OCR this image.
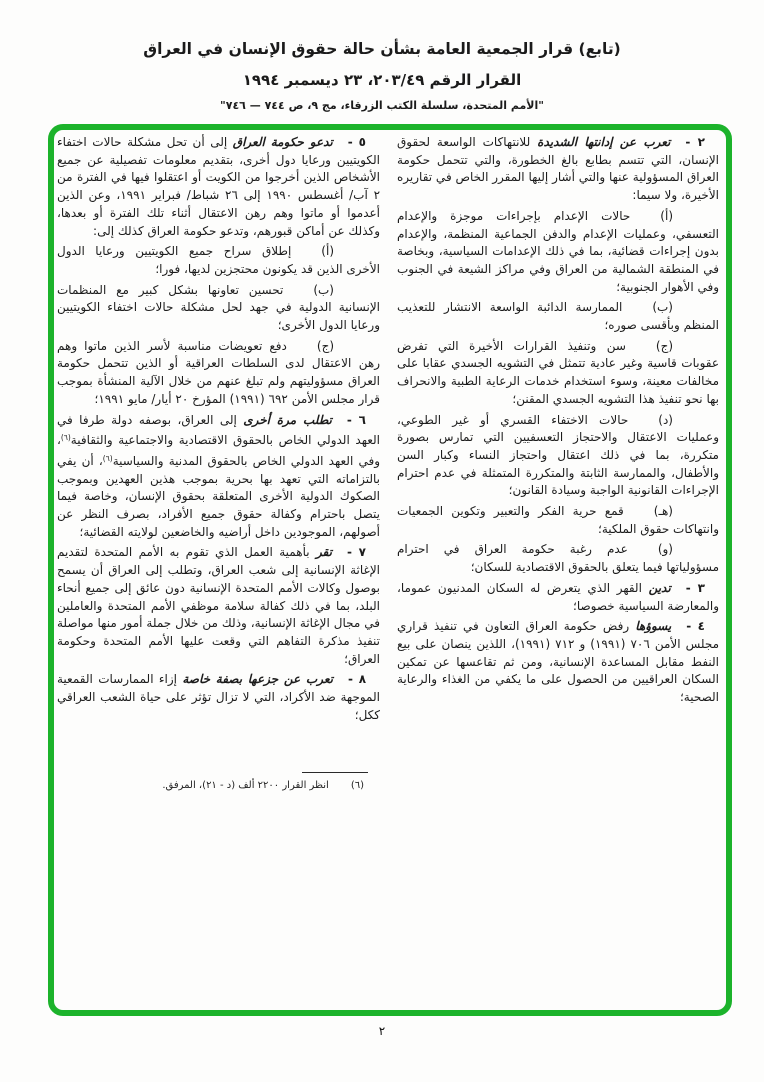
(تابع) قرار الجمعية العامة بشأن حالة حقوق الإنسان في العراق
القرار الرقم ٢٠٣/٤٩، ٢٣ ديسمبر ١٩٩٤
"الأمم المتحدة، سلسلة الكتب الزرقاء، مج ٩، ص ٧٤٤ — ٧٤٦"

٢ -تعرب عن إدانتها الشديدة للانتهاكات الواسعة لحقوق الإنسان، التي تتسم بطابع بالغ الخطورة، والتي تتحمل حكومة العراق المسؤولية عنها والتي أشار إليها المقرر الخاص في تقاريره الأخيرة، ولا سيما:

(أ)حالات الإعدام بإجراءات موجزة والإعدام التعسفي، وعمليات الإعدام والدفن الجماعية المنظمة، والإعدام بدون إجراءات قضائية، بما في ذلك الإعدامات السياسية، وبخاصة في المنطقة الشمالية من العراق وفي مراكز الشيعة في الجنوب وفي الأهوار الجنوبية؛

(ب)الممارسة الدائبة الواسعة الانتشار للتعذيب المنظم وبأقسى صوره؛

(ج)سن وتنفيذ القرارات الأخيرة التي تفرض عقوبات قاسية وغير عادية تتمثل في التشويه الجسدي عقابا على مخالفات معينة، وسوء استخدام خدمات الرعاية الطبية والانحراف بها نحو تنفيذ هذا التشويه الجسدي المقنن؛

(د)حالات الاختفاء القسري أو غير الطوعي، وعمليات الاعتقال والاحتجاز التعسفيين التي تمارس بصورة متكررة، بما في ذلك اعتقال واحتجاز النساء وكبار السن والأطفال، والممارسة الثابتة والمتكررة المتمثلة في عدم احترام الإجراءات القانونية الواجبة وسيادة القانون؛

(هـ)قمع حرية الفكر والتعبير وتكوين الجمعيات وانتهاكات حقوق الملكية؛

(و)عدم رغبة حكومة العراق في احترام مسؤولياتها فيما يتعلق بالحقوق الاقتصادية للسكان؛

٣ -تدين القهر الذي يتعرض له السكان المدنيون عموما، والمعارضة السياسية خصوصا؛

٤ -يسوؤها رفض حكومة العراق التعاون في تنفيذ قراري مجلس الأمن ٧٠٦ (١٩٩١) و ٧١٢ (١٩٩١)، اللذين ينصان على بيع النفط مقابل المساعدة الإنسانية، ومن ثم تقاعسها عن تمكين السكان العراقيين من الحصول على ما يكفي من الغذاء والرعاية الصحية؛

٥ -تدعو حكومة العراق إلى أن تحل مشكلة حالات اختفاء الكويتيين ورعايا دول أخرى، بتقديم معلومات تفصيلية عن جميع الأشخاص الذين أخرجوا من الكويت أو اعتقلوا فيها في الفترة من ٢ آب/ أغسطس ١٩٩٠ إلى ٢٦ شباط/ فبراير ١٩٩١، وعن الذين أعدموا أو ماتوا وهم رهن الاعتقال أثناء تلك الفترة أو بعدها، وكذلك عن أماكن قبورهم، وتدعو حكومة العراق كذلك إلى:

(أ)إطلاق سراح جميع الكويتيين ورعايا الدول الأخرى الذين قد يكونون محتجزين لديها، فورا؛

(ب)تحسين تعاونها بشكل كبير مع المنظمات الإنسانية الدولية في جهد لحل مشكلة حالات اختفاء الكويتيين ورعايا الدول الأخرى؛

(ج)دفع تعويضات مناسبة لأسر الذين ماتوا وهم رهن الاعتقال لدى السلطات العراقية أو الذين تتحمل حكومة العراق مسؤوليتهم ولم تبلغ عنهم من خلال الآلية المنشأة بموجب قرار مجلس الأمن ٦٩٢ (١٩٩١) المؤرخ ٢٠ أيار/ مايو ١٩٩١؛

٦ -تطلب مرة أخرى إلى العراق، بوصفه دولة طرفا في العهد الدولي الخاص بالحقوق الاقتصادية والاجتماعية والثقافية$^{(٦)}$، وفي العهد الدولي الخاص بالحقوق المدنية والسياسية$^{(٦)}$، أن يفي بالتزاماته التي تعهد بها بحرية بموجب هذين العهدين وبموجب الصكوك الدولية الأخرى المتعلقة بحقوق الإنسان، وخاصة فيما يتصل باحترام وكفالة حقوق جميع الأفراد، بصرف النظر عن أصولهم، الموجودين داخل أراضيه والخاضعين لولايته القضائية؛

٧ -تقر بأهمية العمل الذي تقوم به الأمم المتحدة لتقديم الإغاثة الإنسانية إلى شعب العراق، وتطلب إلى العراق أن يسمح بوصول وكالات الأمم المتحدة الإنسانية دون عائق إلى جميع أنحاء البلد، بما في ذلك كفالة سلامة موظفي الأمم المتحدة والعاملين في مجال الإغاثة الإنسانية، وذلك من خلال جملة أمور منها مواصلة تنفيذ مذكرة التفاهم التي وقعت عليها الأمم المتحدة وحكومة العراق؛

٨ -تعرب عن جزعها بصفة خاصة إزاء الممارسات القمعية الموجهة ضد الأكراد، التي لا تزال تؤثر على حياة الشعب العراقي ككل؛

(٦)انظر القرار ٢٢٠٠ ألف (د - ٢١)، المرفق.
٢
